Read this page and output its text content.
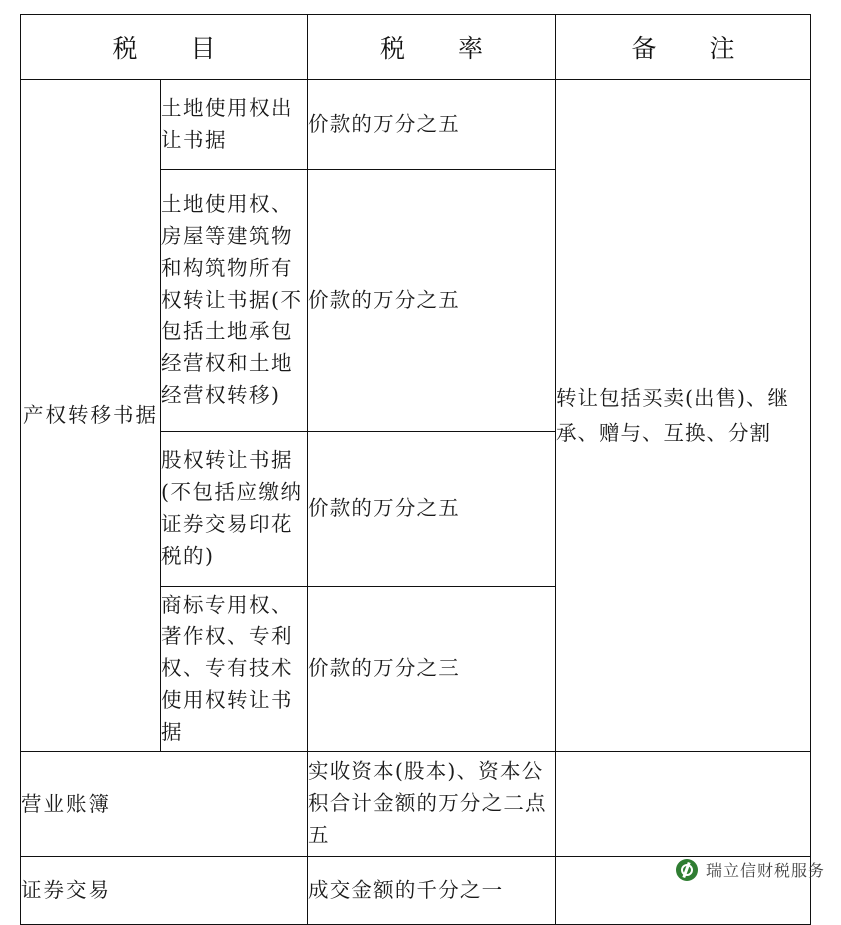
税　目		税　率	备　注
产权转移书据	土地使用权出让书据	价款的万分之五	转让包括买卖(出售)、继承、赠与、互换、分割
	土地使用权、房屋等建筑物和构筑物所有权转让书据(不包括土地承包经营权和土地经营权转移)	价款的万分之五	
	股权转让书据(不包括应缴纳证券交易印花税的)	价款的万分之五	
	商标专用权、著作权、专利权、专有技术使用权转让书据	价款的万分之三	
营业账簿		实收资本(股本)、资本公积合计金额的万分之二点五	
证券交易		成交金额的千分之一	
瑞立信财税服务
